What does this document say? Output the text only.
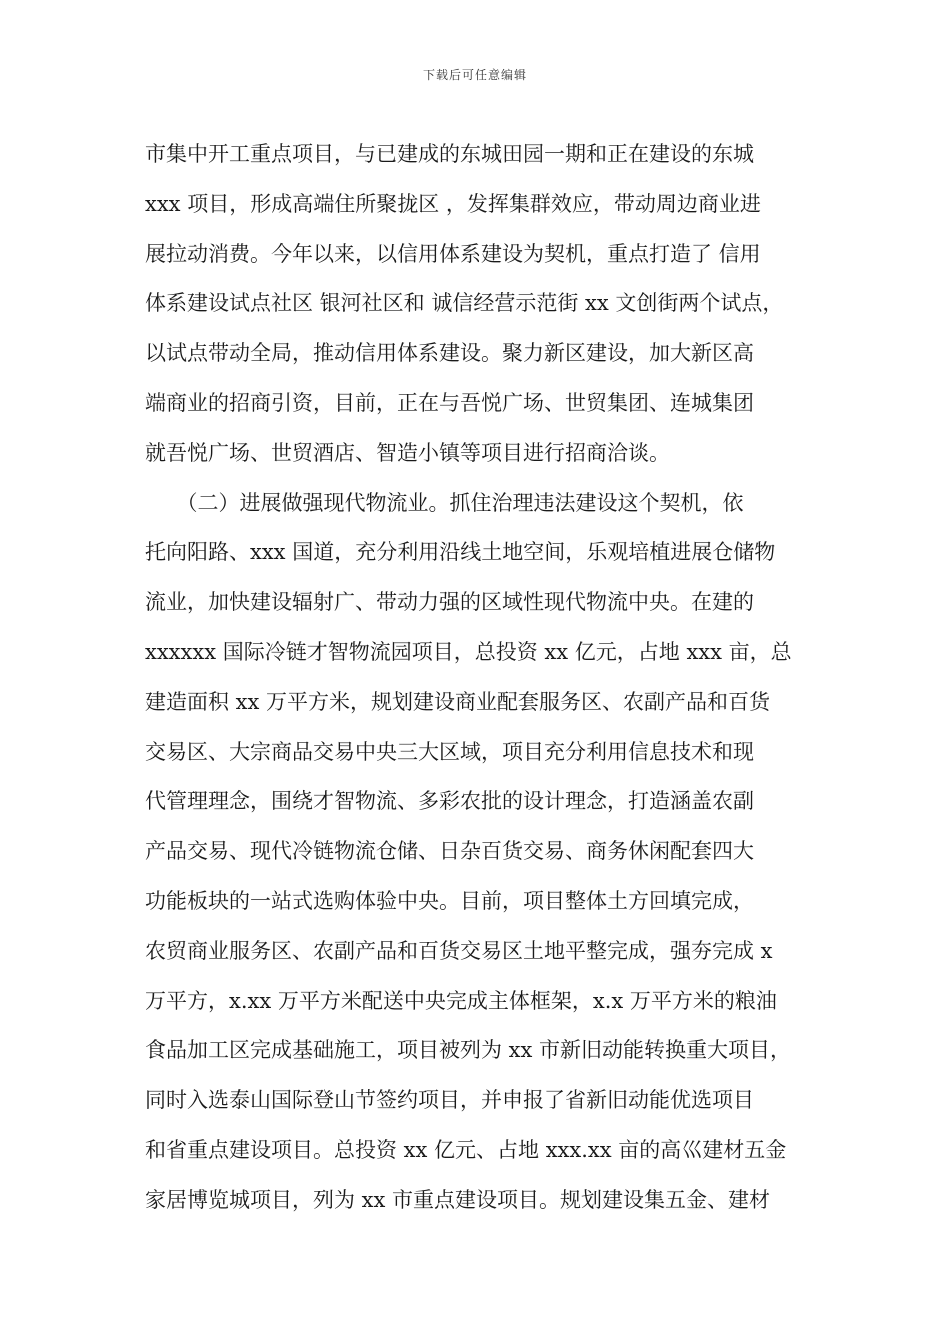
下载后可任意编辑
市集中开工重点项目，与已建成的东城田园一期和正在建设的东城
xxx 项目，形成高端住所聚拢区 ，发挥集群效应，带动周边商业进
展拉动消费。今年以来，以信用体系建设为契机，重点打造了 信用
体系建设试点社区 银河社区和 诚信经营示范街 xx 文创街两个试点，
以试点带动全局，推动信用体系建设。聚力新区建设，加大新区高
端商业的招商引资，目前，正在与吾悦广场、世贸集团、连城集团
就吾悦广场、世贸酒店、智造小镇等项目进行招商洽谈。
　　（二）进展做强现代物流业。抓住治理违法建设这个契机，依
托向阳路、xxx 国道，充分利用沿线土地空间，乐观培植进展仓储物
流业，加快建设辐射广、带动力强的区域性现代物流中央。在建的
xxxxxx 国际冷链才智物流园项目，总投资 xx 亿元，占地 xxx 亩，总
建造面积 xx 万平方米，规划建设商业配套服务区、农副产品和百货
交易区、大宗商品交易中央三大区域，项目充分利用信息技术和现
代管理理念，围绕才智物流、多彩农批的设计理念，打造涵盖农副
产品交易、现代冷链物流仓储、日杂百货交易、商务休闲配套四大
功能板块的一站式选购体验中央。目前，项目整体土方回填完成，
农贸商业服务区、农副产品和百货交易区土地平整完成，强夯完成 x
万平方，x.xx 万平方米配送中央完成主体框架，x.x 万平方米的粮油
食品加工区完成基础施工，项目被列为 xx 市新旧动能转换重大项目，
同时入选泰山国际登山节签约项目，并申报了省新旧动能优选项目
和省重点建设项目。总投资 xx 亿元、占地 xxx.xx 亩的高巛建材五金
家居博览城项目，列为 xx 市重点建设项目。规划建设集五金、建材
